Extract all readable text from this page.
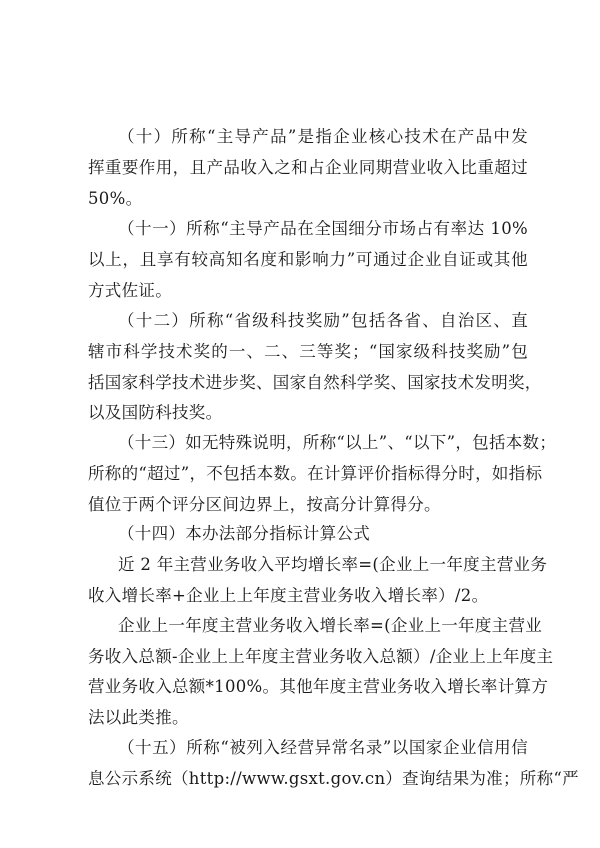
（十）所称“主导产品”是指企业核心技术在产品中发
挥重要作用，且产品收入之和占企业同期营业收入比重超过
50%。
（十一）所称“主导产品在全国细分市场占有率达 10%
以上，且享有较高知名度和影响力”可通过企业自证或其他
方式佐证。
（十二）所称“省级科技奖励”包括各省、自治区、直
辖市科学技术奖的一、二、三等奖；“国家级科技奖励”包
括国家科学技术进步奖、国家自然科学奖、国家技术发明奖，
以及国防科技奖。
（十三）如无特殊说明，所称“以上”、“以下”，包括本数；
所称的“超过”，不包括本数。在计算评价指标得分时，如指标
值位于两个评分区间边界上，按高分计算得分。
（十四）本办法部分指标计算公式
近 2 年主营业务收入平均增长率=(企业上一年度主营业务
收入增长率+企业上上年度主营业务收入增长率）/2。
企业上一年度主营业务收入增长率=(企业上一年度主营业
务收入总额-企业上上年度主营业务收入总额）/企业上上年度主
营业务收入总额*100%。其他年度主营业务收入增长率计算方
法以此类推。
（十五）所称“被列入经营异常名录”以国家企业信用信
息公示系统（http://www.gsxt.gov.cn）查询结果为准；所称“严
